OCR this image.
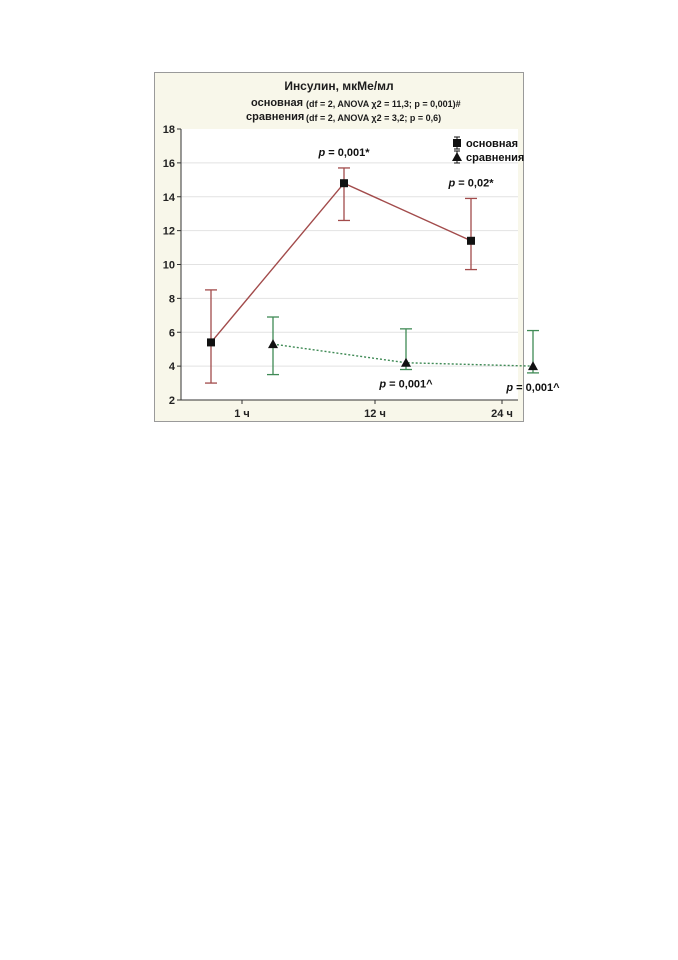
Инсулин, мкМе/мл
основная (df = 2, ANOVA χ2 = 11,3; p = 0,001)#
сравнения (df = 2, ANOVA χ2 = 3,2; p = 0,6)
2
4
6
8
10
12
14
16
18
1 ч	12 ч	24 ч
p = 0,001*
p = 0,02*
p = 0,001^	p = 0,001^
основная
сравнения
